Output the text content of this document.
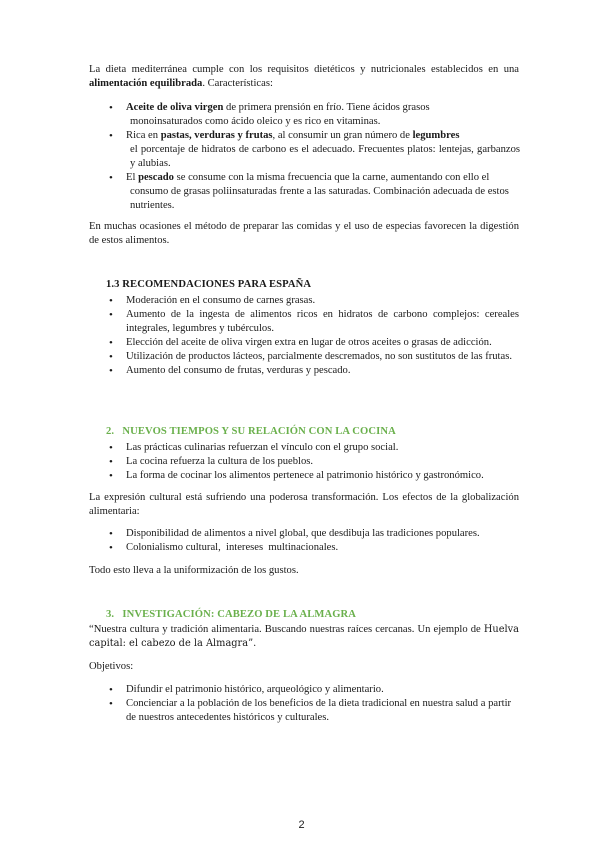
La dieta mediterránea cumple con los requisitos dietéticos y nutricionales establecidos en una alimentación equilibrada. Características:
• Aceite de oliva virgen de primera prensión en frío. Tiene ácidos grasos
monoinsaturados como ácido oleico y es rico en vitaminas.
• Rica en pastas, verduras y frutas, al consumir un gran número de legumbres
el porcentaje de hidratos de carbono es el adecuado. Frecuentes platos: lentejas, garbanzos y alubias.
• El pescado se consume con la misma frecuencia que la carne, aumentando con ello el
consumo de grasas poliinsaturadas frente a las saturadas. Combinación adecuada de estos nutrientes.
En muchas ocasiones el método de preparar las comidas y el uso de especias favorecen la digestión de estos alimentos.
1.3 RECOMENDACIONES PARA ESPAÑA
• Moderación en el consumo de carnes grasas.
• Aumento de la ingesta de alimentos ricos en hidratos de carbono complejos: cereales integrales, legumbres y tubérculos.
• Elección del aceite de oliva virgen extra en lugar de otros aceites o grasas de adicción.
• Utilización de productos lácteos, parcialmente descremados, no son sustitutos de las frutas.
• Aumento del consumo de frutas, verduras y pescado.
2.   NUEVOS TIEMPOS Y SU RELACIÓN CON LA COCINA
• Las prácticas culinarias refuerzan el vínculo con el grupo social.
• La cocina refuerza la cultura de los pueblos.
• La forma de cocinar los alimentos pertenece al patrimonio histórico y gastronómico.
La expresión cultural está sufriendo una poderosa transformación. Los efectos de la globalización alimentaria:
• Disponibilidad de alimentos a nivel global, que desdibuja las tradiciones populares.
• Colonialismo cultural,  intereses  multinacionales.
Todo esto lleva a la uniformización de los gustos.
3.   INVESTIGACIÓN: CABEZO DE LA ALMAGRA
“Nuestra cultura y tradición alimentaria. Buscando nuestras raíces cercanas. Un ejemplo de Huelva capital: el cabezo de la Almagra”.
Objetivos:
• Difundir el patrimonio histórico, arqueológico y alimentario.
• Concienciar a la población de los beneficios de la dieta tradicional en nuestra salud a partir de nuestros antecedentes históricos y culturales.
2
